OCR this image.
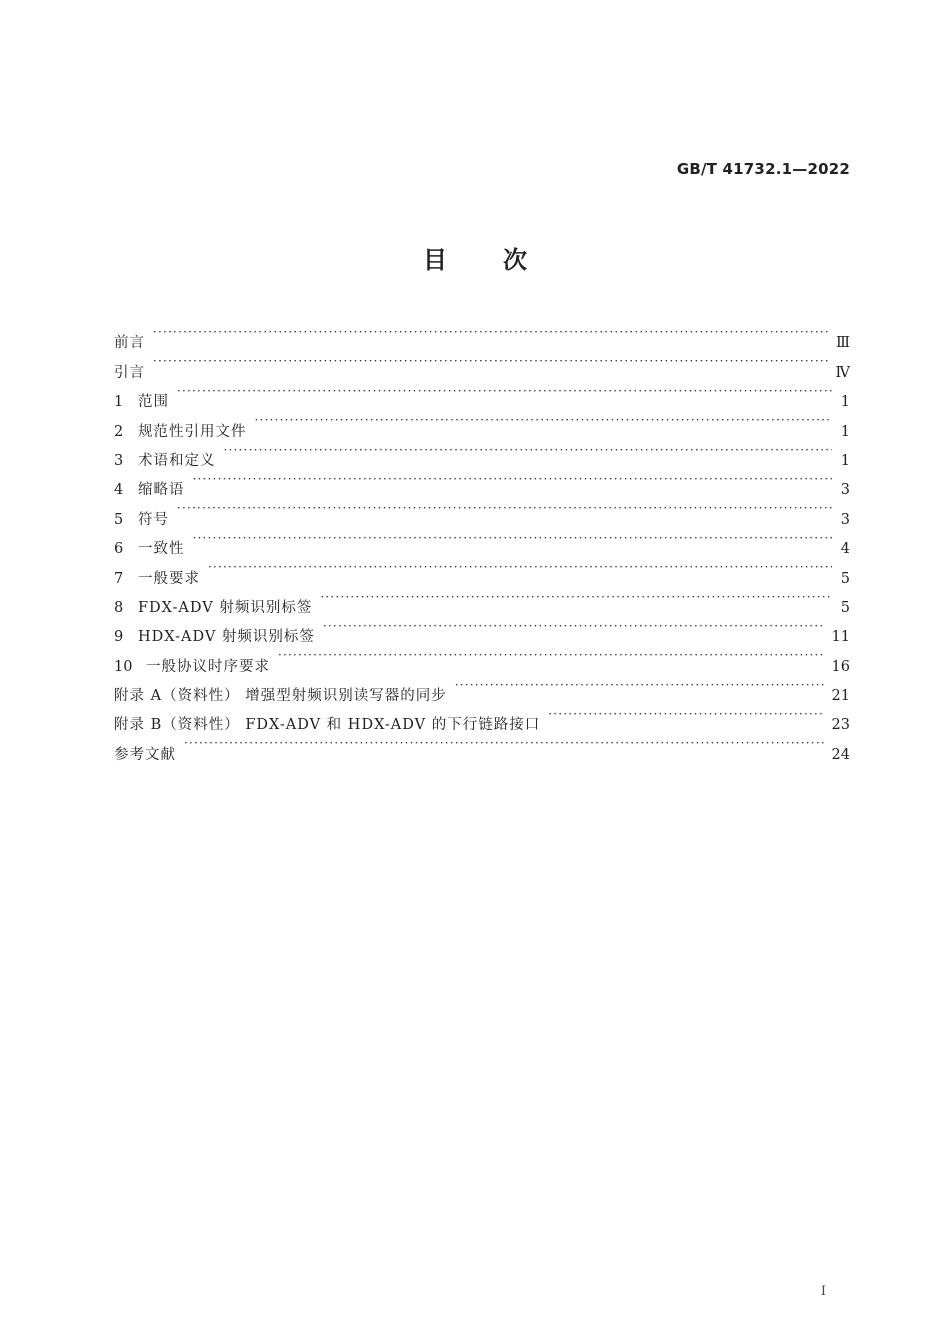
GB/T 41732.1—2022
目次
前言 ·····	Ⅲ
引言 ·····	Ⅳ
1	范围 ·····	1
2	规范性引用文件 ·····	1
3	术语和定义 ·····	1
4	缩略语 ·····	3
5	符号 ·····	3
6	一致性 ·····	4
7	一般要求 ·····	5
8	FDX-ADV 射频识别标签 ·····	5
9	HDX-ADV 射频识别标签 ·····	11
10 一般协议时序要求 ·····	16
附录 A（资料性） 增强型射频识别读写器的同步 ·····	21
附录 B（资料性） FDX-ADV 和 HDX-ADV 的下行链路接口 ·····	23
参考文献 ·····	24
Ⅰ
